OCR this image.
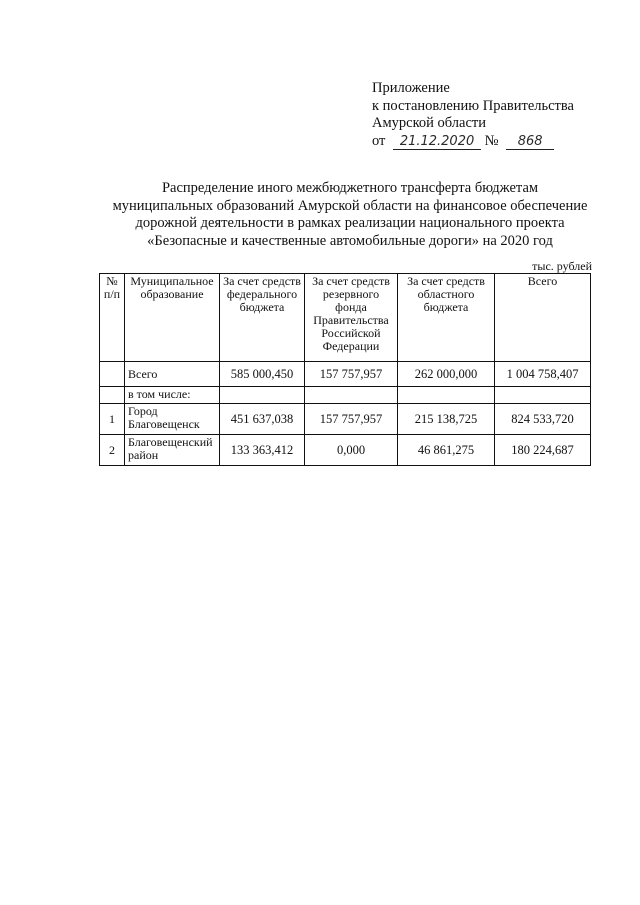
Приложение
к постановлению Правительства
Амурской области
от 21.12.2020 № 868
Распределение иного межбюджетного трансферта бюджетам
муниципальных образований Амурской области на финансовое обеспечение
дорожной деятельности в рамках реализации национального проекта
«Безопасные и качественные автомобильные дороги» на 2020 год
тыс. рублей
№ п/п	Муниципальное образование	За счет средств федерального бюджета	За счет средств резервного фонда Правительства Российской Федерации	За счет средств областного бюджета	Всего
	Всего	585 000,450	157 757,957	262 000,000	1 004 758,407
	в том числе:				
1	Город Благовещенск	451 637,038	157 757,957	215 138,725	824 533,720
2	Благовещенский район	133 363,412	0,000	46 861,275	180 224,687
